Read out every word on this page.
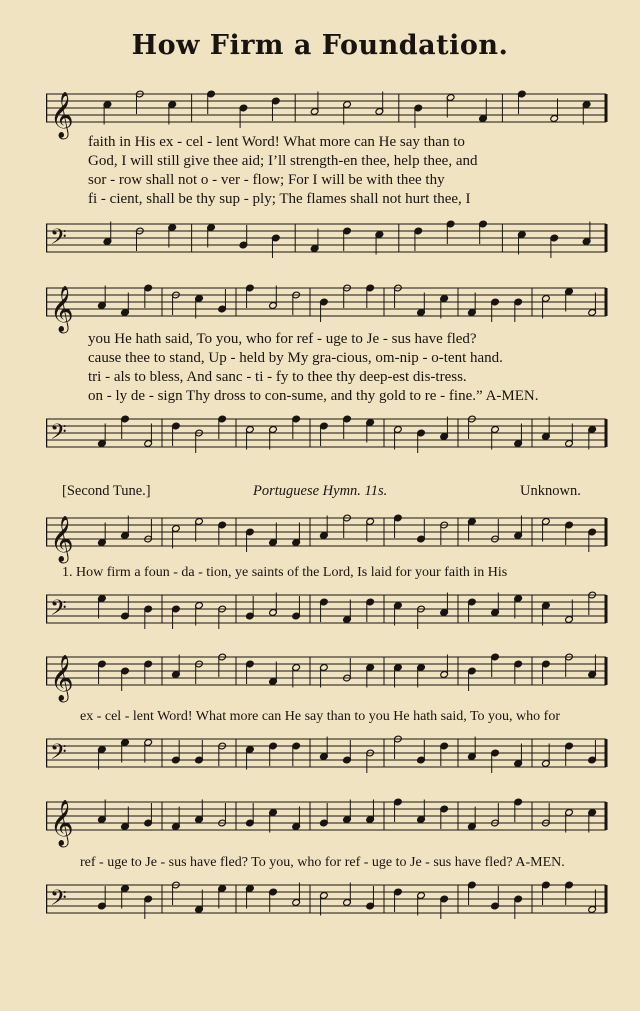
How Firm a Foundation.
𝄞
faith in His ex - cel - lent Word! What more can He say than to
God, I will still give thee aid; I’ll strength-en thee, help thee, and
sor - row shall not o - ver - flow; For I will be with thee thy
fi - cient, shall be thy sup - ply; The flames shall not hurt thee, I
𝄢
𝄞
you He hath said, To you, who for ref - uge to Je - sus have fled?
cause thee to stand, Up - held by My gra-cious, om-nip - o-tent hand.
tri - als to bless, And sanc - ti - fy to thee thy deep-est dis-tress.
on - ly de - sign Thy dross to con-sume, and thy gold to re - fine.” A-MEN.
𝄢
[Second Tune.]	Portuguese Hymn. 11s.	Unknown.
𝄞
1. How firm a foun - da - tion, ye saints of the Lord, Is laid for your faith in His
𝄢
𝄞
ex - cel - lent Word! What more can He say than to you He hath said, To you, who for
𝄢
𝄞
ref - uge to Je - sus have fled? To you, who for ref - uge to Je - sus have fled? A-MEN.
𝄢
